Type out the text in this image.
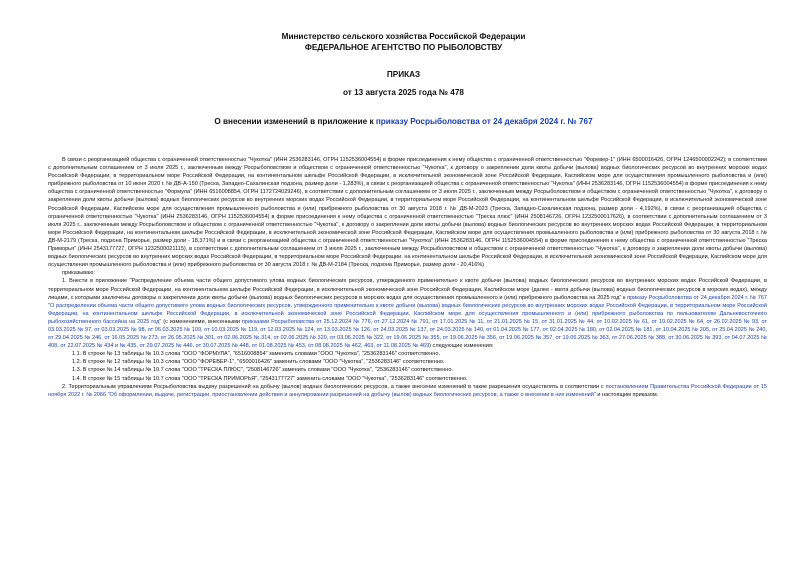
Министерство сельского хозяйства Российской Федерации
ФЕДЕРАЛЬНОЕ АГЕНТСТВО ПО РЫБОЛОВСТВУ
ПРИКАЗ
от 13 августа 2025 года № 478
О внесении изменений в приложение к приказу Росрыболовства от 24 декабря 2024 г. № 767

В связи с реорганизацией общества с ограниченной ответственностью "Чукотка" (ИНН 2536283146, ОГРН 1152536004554) в форме присоединения к нему общества с ограниченной ответственностью "Форевер-1" (ИНН 6500016426, ОГРН 1246500002242); в соответствии с дополнительным соглашением от 3 июля 2025 г., заключенным между Росрыболовством и обществом с ограниченной ответственностью "Чукотка", к договору о закреплении доли квоты добычи (вылова) водных биологических ресурсов во внутренних морских водах Российской Федерации, в территориальном море Российской Федерации, на континентальном шельфе Российской Федерации, в исключительной экономической зоне Российской Федерации, Каспийском море для осуществления промышленного рыболовства и (или) прибрежного рыболовства от 10 июня 2020 г. № ДВ-А-150 (Треска, Западно-Сахалинская подзона, размер доли - 1,283%), в связи с реорганизацией общества с ограниченной ответственностью "Чукотка" (ИНН 2536283146, ОГРН 1152536004554) в форме присоединения к нему общества с ограниченной ответственностью "Формула" (ИНН 6516008854, ОГРН 1172724029246), в соответствии с дополнительным соглашением от 3 июля 2025 г., заключенным между Росрыболовством и обществом с ограниченной ответственностью "Чукотка", к договору о закреплении доли квоты добычи (вылова) водных биологических ресурсов во внутренних морских водах Российской Федерации, в территориальном море Российской Федерации, на континентальном шельфе Российской Федерации, в исключительной экономической зоне Российской Федерации, Каспийском море для осуществления промышленного рыболовства и (или) прибрежного рыболовства от 30 августа 2018 г. № ДВ-М-2023 (Треска, Западно-Сахалинская подзона, размер доли - 4,192%), в связи с реорганизацией общества с ограниченной ответственностью "Чукотка" (ИНН 2536283146, ОГРН 1152536004554) в форме присоединения к нему общества с ограниченной ответственностью "Треска плюс" (ИНН 2508146726, ОГРН 1232500017626), в соответствии с дополнительным соглашением от 3 июля 2025 г., заключенным между Росрыболовством и обществом с ограниченной ответственностью "Чукотка", к договору о закреплении доли квоты добычи (вылова) водных биологических ресурсов во внутренних морских водах Российской Федерации, в территориальном море Российской Федерации, на континентальном шельфе Российской Федерации, в исключительной экономической зоне Российской Федерации, Каспийском море для осуществления промышленного рыболовства и (или) прибрежного рыболовства от 30 августа 2018 г. № ДВ-М-2179 (Треска, подзона Приморье, размер доли - 18,371%) и в связи с реорганизацией общества с ограниченной ответственностью "Чукотка" (ИНН 2536283146, ОГРН 1152536004554) в форме присоединения к нему общества с ограниченной ответственностью "Треска Приморья" (ИНН 2543177727, ОГРН 1232500021115), в соответствии с дополнительным соглашением от 3 июля 2025 г., заключенным между Росрыболовством и обществом с ограниченной ответственностью "Чукотка", к договору о закреплении доли квоты добычи (вылова) водных биологических ресурсов во внутренних морских водах Российской Федерации, в территориальном море Российской Федерации, на континентальном шельфе Российской Федерации, в исключительной экономической зоне Российской Федерации, Каспийском море для осуществления промышленного рыболовства и (или) прибрежного рыболовства от 30 августа 2018 г. № ДВ-М-2184 (Треска, подзона Приморье, размер доли - 20,416%)

приказываю:

1. Внести в приложение "Распределение объема части общего допустимого улова водных биологических ресурсов, утвержденного применительно к квоте добычи (вылова) водных биологических ресурсов во внутренних морских водах Российской Федерации, в территориальном море Российской Федерации, на континентальном шельфе Российской Федерации, в исключительной экономической зоне Российской Федерации, Каспийском море (далее - квота добычи (вылова) водных биологических ресурсов в морских водах), между лицами, с которыми заключены договоры о закреплении доли квоты добычи (вылова) водных биологических ресурсов в морских водах для осуществления промышленного и (или) прибрежного рыболовства на 2025 год" к приказу Росрыболовства от 24 декабря 2024 г. № 767 "О распределении объема части общего допустимого улова водных биологических ресурсов, утвержденного применительно к квоте добычи (вылова) водных биологических ресурсов во внутренних морских водах Российской Федерации, в территориальном море Российской Федерации, на континентальном шельфе Российской Федерации, в исключительной экономической зоне Российской Федерации, Каспийском море для осуществления промышленного и (или) прибрежного рыболовства по пользователям Дальневосточного рыбохозяйственного бассейна на 2025 год" (с изменениями, внесенными приказами Росрыболовства от 25.12.2024 № 776, от 27.12.2024 № 791, от 17.01.2025 № 11, от 21.01.2025 № 15, от 31.01.2025 № 44, от 10.02.2025 № 61, от 10.02.2025 № 64, от 26.02.2025 № 93, от 03.03.2025 № 97, от 03.03.2025 № 98, от 06.03.2025 № 109, от 10.03.2025 № 119, от 12.03.2025 № 124, от 13.03.2025 № 126, от 24.03.2025 № 137, от 24.03.2025 № 140, от 01.04.2025 № 177, от 02.04.2025 № 180, от 02.04.2025 № 181, от 10.04.2025 № 205, от 25.04.2025 № 240, от 29.04.2025 № 246, от 16.05.2025 № 273, от 26.05.2025 № 301, от 02.06.2025 № 314, от 02.06.2025 № 320, от 03.06.2025 № 322, от 19.06.2025 № 355, от 19.06.2025 № 356, от 19.06.2025 № 357, от 19.06.2025 № 363, от 27.06.2025 № 388, от 30.06.2025 № 393, от 04.07.2025 № 408, от 22.07.2025 № 434 и № 435, от 29.07.2025 № 446, от 30.07.2025 № 448, от 01.08.2025 № 453, от 08.08.2025 № 462, 463, от 11.08.2025 № 469) следующие изменения:

1.1. В строке № 13 таблицы № 10.3 слова "ООО "ФОРМУЛА", "6516008854" заменить словами "ООО "Чукотка", "2536283146" соответственно.

1.2. В строке № 12 таблицы № 10.3 слова "ООО "ФОРЕВЕР-1", "6500016426" заменить словами "ООО "Чукотка", "2536283146" соответственно.

1.3. В строке № 14 таблицы № 10.7 слова "ООО "ТРЕСКА ПЛЮС", "2508146726" заменить словами "ООО "Чукотка", "2536283146" соответственно.

1.4. В строке № 15 таблицы № 10.7 слова "ООО "ТРЕСКА ПРИМОРЬЯ", "2543177727" заменить словами "ООО "Чукотка", "2536283146" соответственно.

2. Территориальным управлениям Росрыболовства выдачу разрешений на добычу (вылов) водных биологических ресурсов, а также внесение изменений в такие разрешения осуществлять в соответствии с постановлением Правительства Российской Федерации от 15 ноября 2022 г. № 2066 "Об оформлении, выдаче, регистрации, приостановлении действия и аннулировании разрешений на добычу (вылов) водных биологических ресурсов, а также о внесении в них изменений" и настоящим приказом.
